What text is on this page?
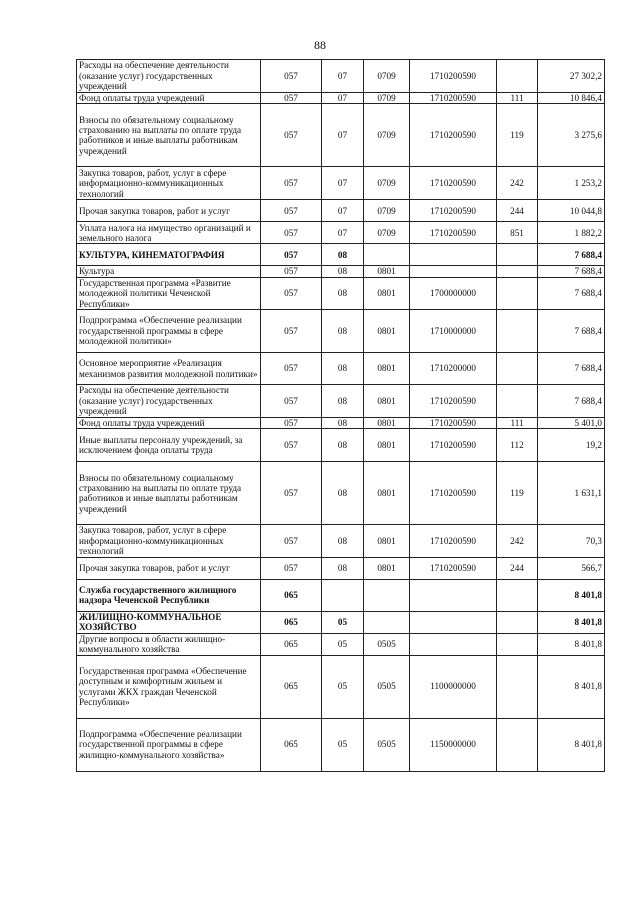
88
Расходы на обеспечение деятельности (оказание услуг) государственных учреждений	057	07	0709	1710200590		27 302,2
Фонд оплаты труда учреждений	057	07	0709	1710200590	111	10 846,4
Взносы по обязательному социальному страхованию на выплаты по оплате труда работников и иные выплаты работникам учреждений	057	07	0709	1710200590	119	3 275,6
Закупка товаров, работ, услуг в сфере информационно-коммуникационных технологий	057	07	0709	1710200590	242	1 253,2
Прочая закупка товаров, работ и услуг	057	07	0709	1710200590	244	10 044,8
Уплата налога на имущество организаций и земельного налога	057	07	0709	1710200590	851	1 882,2
КУЛЬТУРА, КИНЕМАТОГРАФИЯ	057	08				7 688,4
Культура	057	08	0801			7 688,4
Государственная программа «Развитие молодежной политики Чеченской Республики»	057	08	0801	1700000000		7 688,4
Подпрограмма «Обеспечение реализации государственной программы в сфере молодежной политики»	057	08	0801	1710000000		7 688,4
Основное мероприятие «Реализация механизмов развития молодежной политики»	057	08	0801	1710200000		7 688,4
Расходы на обеспечение деятельности (оказание услуг) государственных учреждений	057	08	0801	1710200590		7 688,4
Фонд оплаты труда учреждений	057	08	0801	1710200590	111	5 401,0
Иные выплаты персоналу учреждений, за исключением фонда оплаты труда	057	08	0801	1710200590	112	19,2
Взносы по обязательному социальному страхованию на выплаты по оплате труда работников и иные выплаты работникам учреждений	057	08	0801	1710200590	119	1 631,1
Закупка товаров, работ, услуг в сфере информационно-коммуникационных технологий	057	08	0801	1710200590	242	70,3
Прочая закупка товаров, работ и услуг	057	08	0801	1710200590	244	566,7
Служба государственного жилищного надзора Чеченской Республики	065					8 401,8
ЖИЛИЩНО-КОММУНАЛЬНОЕ ХОЗЯЙСТВО	065	05				8 401,8
Другие вопросы в области жилищно-коммунального хозяйства	065	05	0505			8 401,8
Государственная программа «Обеспечение доступным и комфортным жильем и услугами ЖКХ граждан Чеченской Республики»	065	05	0505	1100000000		8 401,8
Подпрограмма «Обеспечение реализации государственной программы в сфере жилищно-коммунального хозяйства»	065	05	0505	1150000000		8 401,8
